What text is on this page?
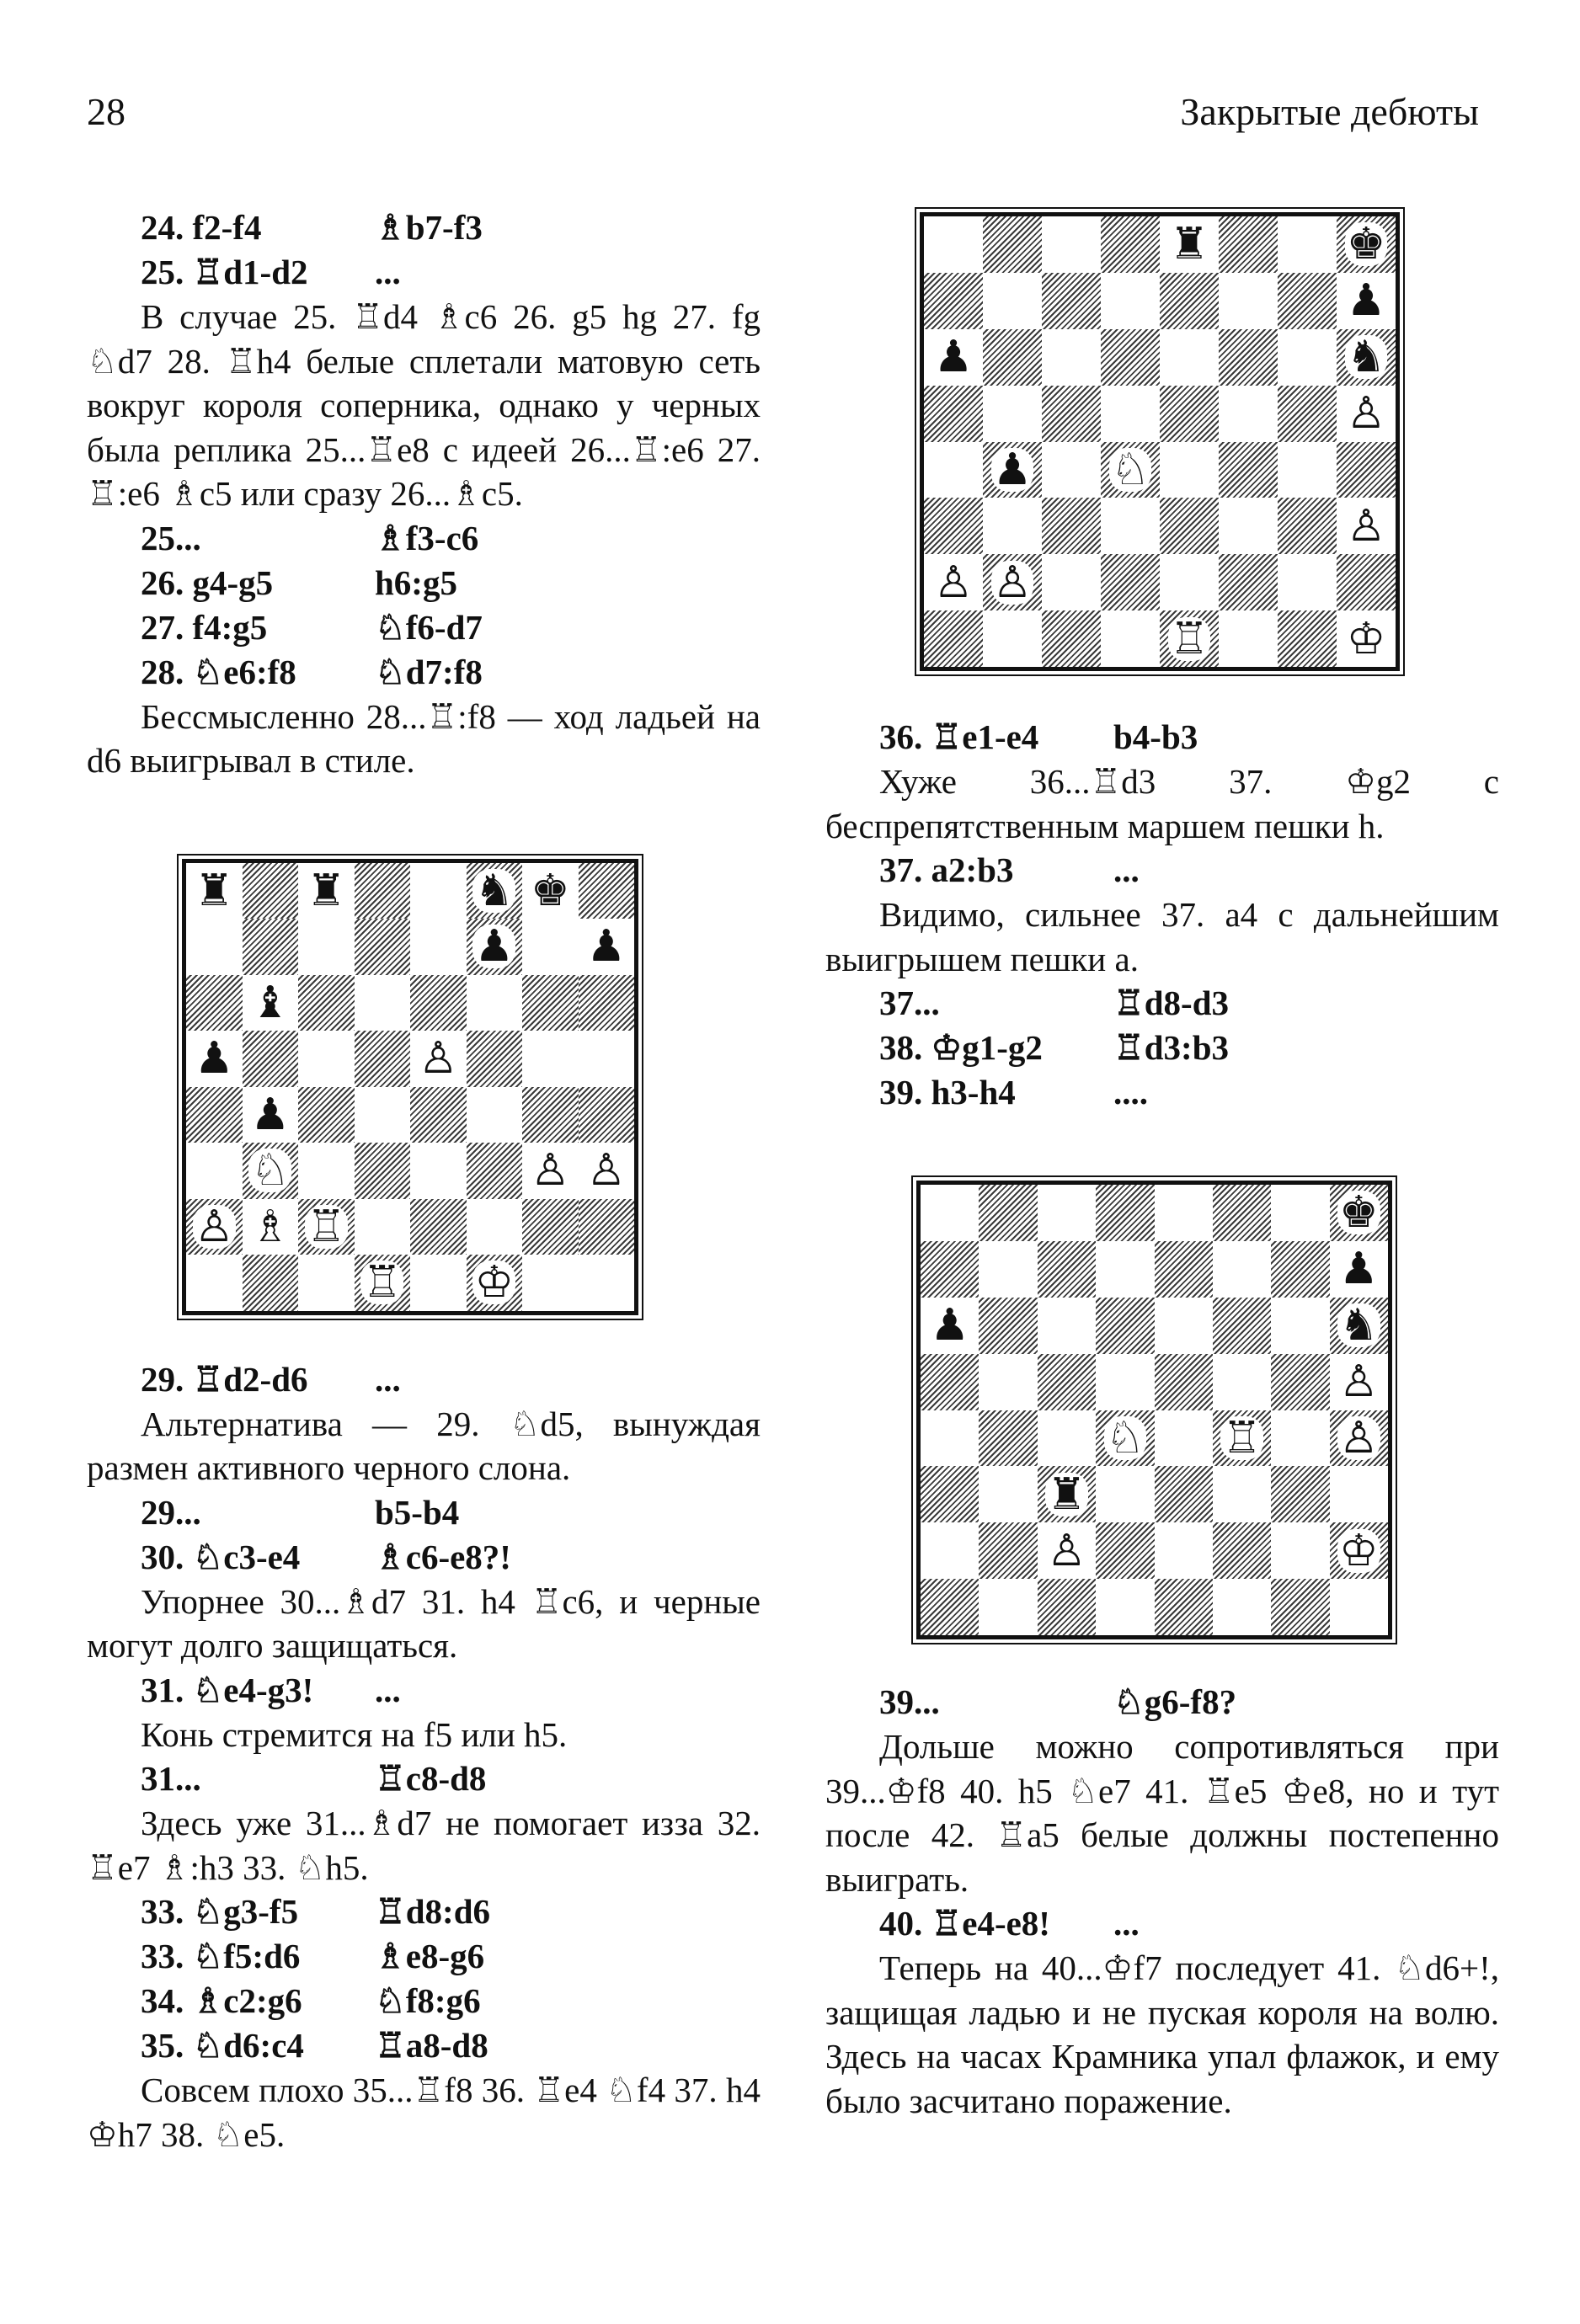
28	Закрытые дебюты
24. f2-f4	♗b7-f3
25. ♖d1-d2	...

В случае 25. ♖d4 ♗c6 26. g5 hg 27. fg ♘d7 28. ♖h4 белые сплетали матовую сеть вокруг короля соперника, однако у черных была реплика 25...♖e8 с идеей 26...♖:e6 27. ♖:e6 ♗c5 или сразу 26...♗c5.

25...	♗f3-c6
26. g4-g5	h6:g5
27. f4:g5	♘f6-d7
28. ♘e6:f8	♘d7:f8

Бессмысленно 28...♖:f8 — ход ладьей на d6 выигрывал в стиле.

♜ ♜	♞ ♚
♟ ♟
♝
♟	♙
♟
♘	♙ ♙
♙ ♗ ♖
♖ ♔
29. ♖d2-d6	...

Альтернатива — 29. ♘d5, вынуждая размен активного черного слона.

29...	b5-b4
30. ♘c3-e4	♗c6-e8?!

Упорнее 30...♗d7 31. h4 ♖c6, и черные могут долго защищаться.

31. ♘e4-g3!	...

Конь стремится на f5 или h5.

31...	♖c8-d8

Здесь уже 31...♗d7 не помогает изза 32. ♖e7 ♗:h3 33. ♘h5.

33. ♘g3-f5	♖d8:d6
33. ♘f5:d6	♗e8-g6
34. ♗c2:g6	♘f8:g6
35. ♘d6:c4	♖a8-d8

Совсем плохо 35...♖f8 36. ♖e4 ♘f4 37. h4 ♔h7 38. ♘e5.

♜	♚
♟
♟	♞
♙
♟ ♘
♙
♙ ♙
♖	♔
36. ♖e1-e4	b4-b3

Хуже 36...♖d3 37. ♔g2 с беспрепятственным маршем пешки h.

37. a2:b3	...

Видимо, сильнее 37. a4 с дальнейшим выигрышем пешки a.

37...	♖d8-d3
38. ♔g1-g2	♖d3:b3
39. h3-h4	....
♚
♟
♟	♞
♙
♘ ♖ ♙
♜
♙	♔
39...	♘g6-f8?

Дольше можно сопротивляться при 39...♔f8 40. h5 ♘e7 41. ♖e5 ♔e8, но и тут после 42. ♖a5 белые должны постепенно выиграть.

40. ♖e4-e8!	...

Теперь на 40...♔f7 последует 41. ♘d6+!, защищая ладью и не пуская короля на волю. Здесь на часах Крамника упал флажок, и ему было засчитано поражение.
